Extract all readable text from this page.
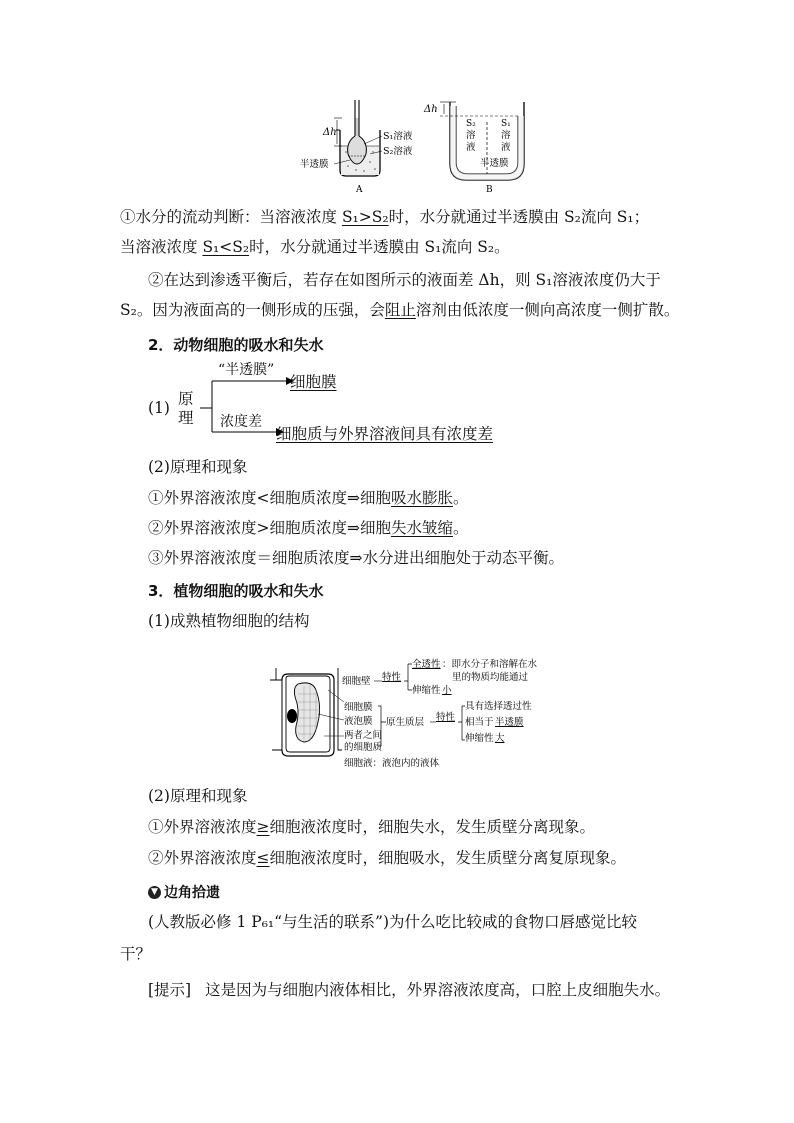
Δh	S₁溶液
S₂溶液
半透膜
A
Δh
S₂
溶
液
S₁
溶
液
半透膜
B
①水分的流动判断：当溶液浓度 S₁>S₂时，水分就通过半透膜由 S₂流向 S₁；
当溶液浓度 S₁<S₂时，水分就通过半透膜由 S₁流向 S₂。
②在达到渗透平衡后，若存在如图所示的液面差 Δh，则 S₁溶液浓度仍大于
S₂。因为液面高的一侧形成的压强，会阻止溶剂由低浓度一侧向高浓度一侧扩散。
2．动物细胞的吸水和失水
(1) 原
理
“半透膜”
细胞膜
浓度差
细胞质与外界溶液间具有浓度差
(2)原理和现象
①外界溶液浓度<细胞质浓度⇒细胞吸水膨胀。
②外界溶液浓度>细胞质浓度⇒细胞失水皱缩。
③外界溶液浓度＝细胞质浓度⇒水分进出细胞处于动态平衡。
3．植物细胞的吸水和失水
(1)成熟植物细胞的结构
细胞壁 特性
全透性 ：即水分子和溶解在水
里的物质均能通过
伸缩性 小
细胞膜
液泡膜
两者之间
的细胞质
原生质层 特性
具有选择透过性
相当于 半透膜
伸缩性 大
细胞液：液泡内的液体
(2)原理和现象
①外界溶液浓度≥细胞液浓度时，细胞失水，发生质壁分离现象。
②外界溶液浓度≤细胞液浓度时，细胞吸水，发生质壁分离复原现象。
▼ 边角拾遗
(人教版必修 1 P₆₁“与生活的联系”)为什么吃比较咸的食物口唇感觉比较
干？
[提示] 这是因为与细胞内液体相比，外界溶液浓度高，口腔上皮细胞失水。
